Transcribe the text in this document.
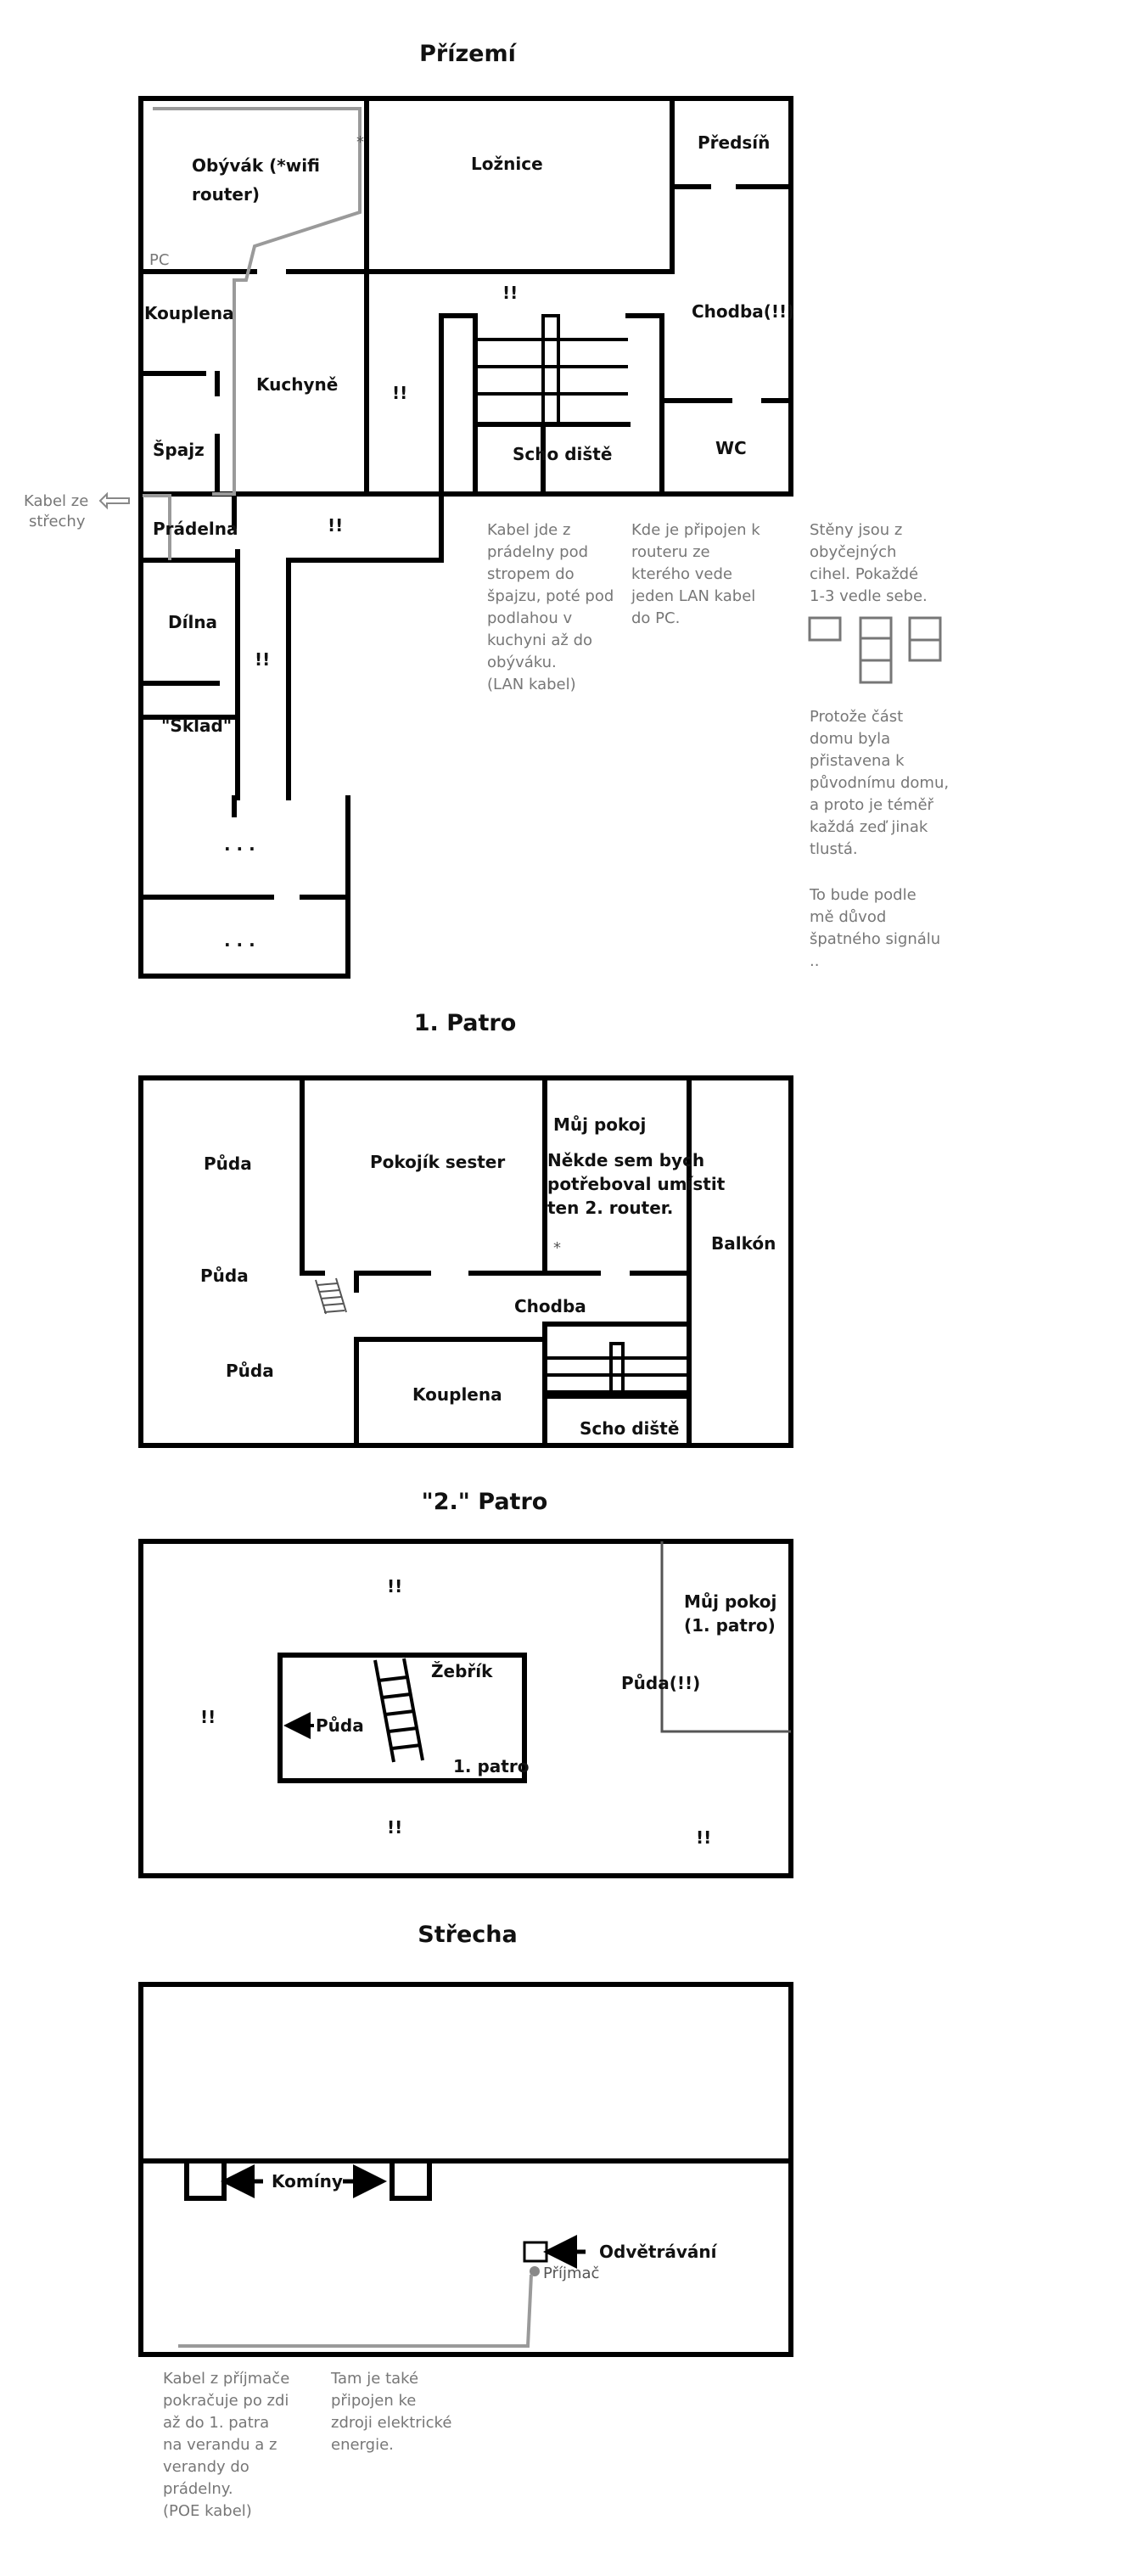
Přízemí
1. Patro
"2." Patro
Střecha
Obývák (*wifi
router)
*
PC
Ložnice
Předsíň
Chodba(!!)
Kouplena
Kuchyně
Špajz
Prádelna
Dílna
"Sklad"
· · ·
· · ·
Scho diště	WC
!!
!!
!!
!!
Kabel ze
střechy	Kabel jde z
prádelny pod
stropem do
špajzu, poté pod
podlahou v
kuchyni až do
obýváku.
(LAN kabel)
Kde je připojen k
routeru ze
kterého vede
jeden LAN kabel
do PC.
Stěny jsou z
obyčejných
cihel. Pokaždé
1-3 vedle sebe.
Protože část
domu byla
přistavena k
původnímu domu,
a proto je téměř
každá zeď jinak
tlustá.
To bude podle
mě důvod
špatného signálu
..
Půda
Půda
Půda
Pokojík sester
Můj pokoj
Někde sem bych
potřeboval umístit
ten 2. router.
*	Balkón
Chodba
Kouplena
Scho diště
!!
!!
!!	!!
Žebřík
Půda
1. patro
Půda(!!)
Můj pokoj
(1. patro)
Komíny
Odvětrávání
Příjmač
Kabel z příjmače
pokračuje po zdi
až do 1. patra
na verandu a z
verandy do
prádelny.
(POE kabel)
Tam je také
připojen ke
zdroji elektrické
energie.
